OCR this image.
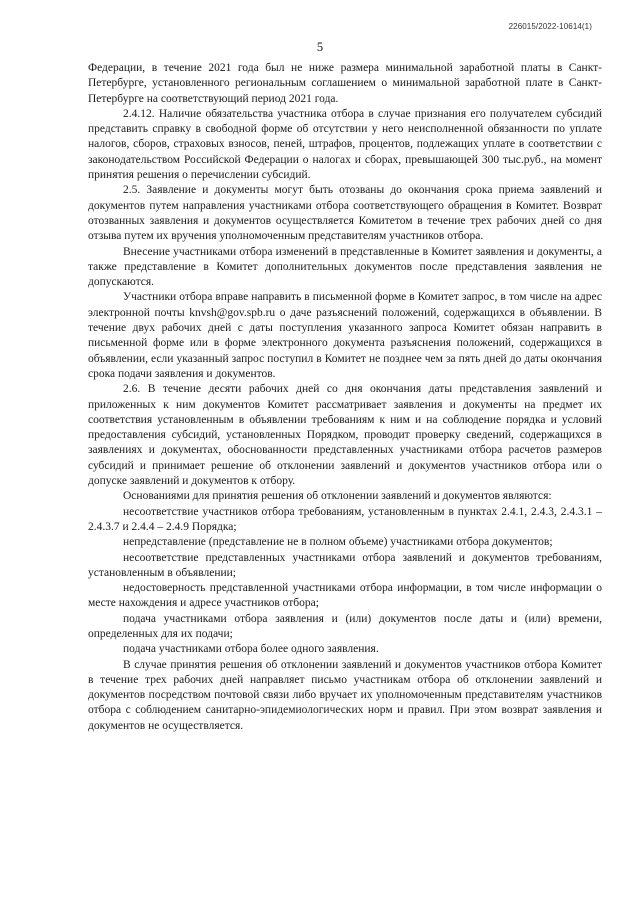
226015/2022-10614(1)
5

Федерации, в течение 2021 года был не ниже размера минимальной заработной платы в Санкт-Петербурге, установленного региональным соглашением о минимальной заработной плате в Санкт-Петербурге на соответствующий период 2021 года.

2.4.12. Наличие обязательства участника отбора в случае признания его получателем субсидий представить справку в свободной форме об отсутствии у него неисполненной обязанности по уплате налогов, сборов, страховых взносов, пеней, штрафов, процентов, подлежащих уплате в соответствии с законодательством Российской Федерации о налогах и сборах, превышающей 300 тыс.руб., на момент принятия решения о перечислении субсидий.

2.5. Заявление и документы могут быть отозваны до окончания срока приема заявлений и документов путем направления участниками отбора соответствующего обращения в Комитет. Возврат отозванных заявления и документов осуществляется Комитетом в течение трех рабочих дней со дня отзыва путем их вручения уполномоченным представителям участников отбора.

Внесение участниками отбора изменений в представленные в Комитет заявления и документы, а также представление в Комитет дополнительных документов после представления заявления не допускаются.

Участники отбора вправе направить в письменной форме в Комитет запрос, в том числе на адрес электронной почты knvsh@gov.spb.ru о даче разъяснений положений, содержащихся в объявлении. В течение двух рабочих дней с даты поступления указанного запроса Комитет обязан направить в письменной форме или в форме электронного документа разъяснения положений, содержащихся в объявлении, если указанный запрос поступил в Комитет не позднее чем за пять дней до даты окончания срока подачи заявления и документов.

2.6. В течение десяти рабочих дней со дня окончания даты представления заявлений и приложенных к ним документов Комитет рассматривает заявления и документы на предмет их соответствия установленным в объявлении требованиям к ним и на соблюдение порядка и условий предоставления субсидий, установленных Порядком, проводит проверку сведений, содержащихся в заявлениях и документах, обоснованности представленных участниками отбора расчетов размеров субсидий и принимает решение об отклонении заявлений и документов участников отбора или о допуске заявлений и документов к отбору.

Основаниями для принятия решения об отклонении заявлений и документов являются:

несоответствие участников отбора требованиям, установленным в пунктах 2.4.1, 2.4.3, 2.4.3.1 – 2.4.3.7 и 2.4.4 – 2.4.9 Порядка;

непредставление (представление не в полном объеме) участниками отбора документов;

несоответствие представленных участниками отбора заявлений и документов требованиям, установленным в объявлении;

недостоверность представленной участниками отбора информации, в том числе информации о месте нахождения и адресе участников отбора;

подача участниками отбора заявления и (или) документов после даты и (или) времени, определенных для их подачи;

подача участниками отбора более одного заявления.

В случае принятия решения об отклонении заявлений и документов участников отбора Комитет в течение трех рабочих дней направляет письмо участникам отбора об отклонении заявлений и документов посредством почтовой связи либо вручает их уполномоченным представителям участников отбора с соблюдением санитарно-эпидемиологических норм и правил. При этом возврат заявления и документов не осуществляется.
